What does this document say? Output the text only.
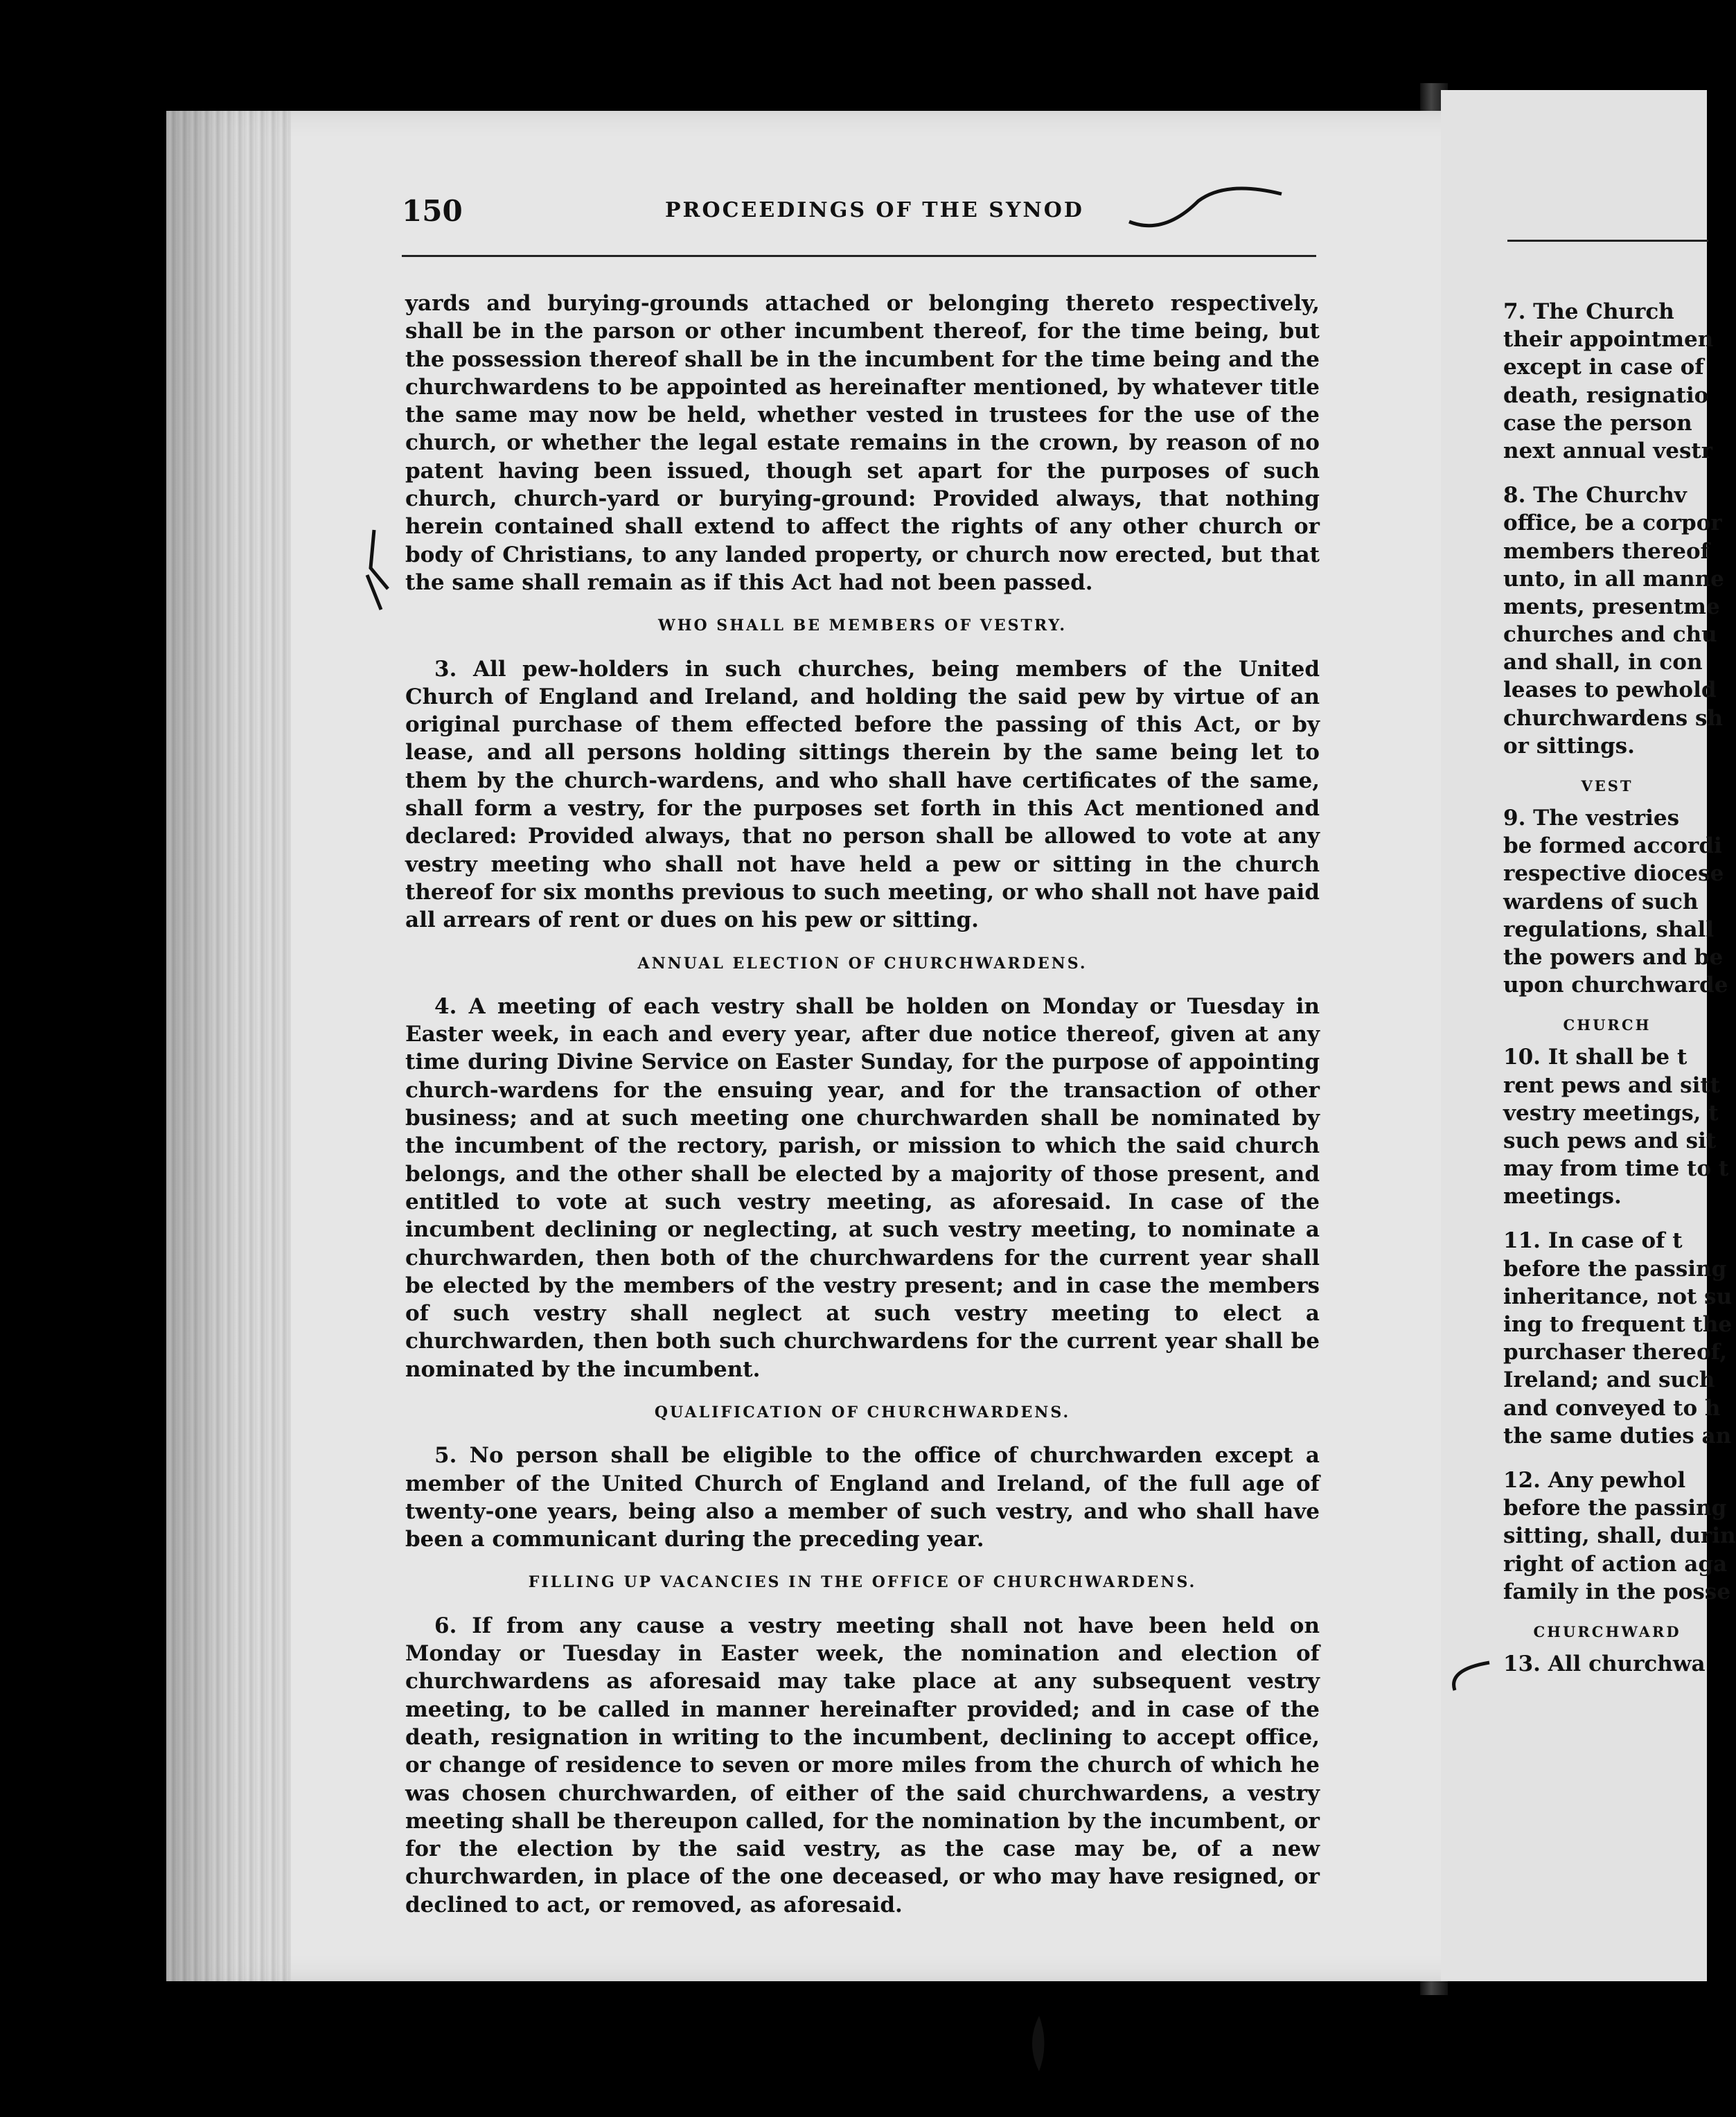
150	PROCEEDINGS OF THE SYNOD

yards and burying-grounds attached or belonging thereto respectively, shall be in the parson or other incumbent thereof, for the time being, but the possession thereof shall be in the incumbent for the time being and the churchwardens to be appointed as hereinafter mentioned, by whatever title the same may now be held, whether vested in trustees for the use of the church, or whether the legal estate remains in the crown, by reason of no patent having been issued, though set apart for the purposes of such church, church-yard or burying-ground: Provided always, that nothing herein contained shall extend to affect the rights of any other church or body of Christians, to any landed property, or church now erected, but that the same shall remain as if this Act had not been passed.

WHO SHALL BE MEMBERS OF VESTRY.

3. All pew-holders in such churches, being members of the United Church of England and Ireland, and holding the said pew by virtue of an original purchase of them effected before the passing of this Act, or by lease, and all persons holding sittings therein by the same being let to them by the church-wardens, and who shall have certificates of the same, shall form a vestry, for the purposes set forth in this Act mentioned and declared: Provided always, that no person shall be allowed to vote at any vestry meeting who shall not have held a pew or sitting in the church thereof for six months previous to such meeting, or who shall not have paid all arrears of rent or dues on his pew or sitting.

ANNUAL ELECTION OF CHURCHWARDENS.

4. A meeting of each vestry shall be holden on Monday or Tuesday in Easter week, in each and every year, after due notice thereof, given at any time during Divine Service on Easter Sunday, for the purpose of appointing church-wardens for the ensuing year, and for the transaction of other business; and at such meeting one churchwarden shall be nominated by the incumbent of the rectory, parish, or mission to which the said church belongs, and the other shall be elected by a majority of those present, and entitled to vote at such vestry meeting, as aforesaid. In case of the incumbent declining or neglecting, at such vestry meeting, to nominate a churchwarden, then both of the churchwardens for the current year shall be elected by the members of the vestry present; and in case the members of such vestry shall neglect at such vestry meeting to elect a churchwarden, then both such churchwardens for the current year shall be nominated by the incumbent.

QUALIFICATION OF CHURCHWARDENS.

5. No person shall be eligible to the office of churchwarden except a member of the United Church of England and Ireland, of the full age of twenty-one years, being also a member of such vestry, and who shall have been a communicant during the preceding year.

FILLING UP VACANCIES IN THE OFFICE OF CHURCHWARDENS.

6. If from any cause a vestry meeting shall not have been held on Monday or Tuesday in Easter week, the nomination and election of churchwardens as aforesaid may take place at any subsequent vestry meeting, to be called in manner hereinafter provided; and in case of the death, resignation in writing to the incumbent, declining to accept office, or change of residence to seven or more miles from the church of which he was chosen churchwarden, of either of the said churchwardens, a vestry meeting shall be thereupon called, for the nomination by the incumbent, or for the election by the said vestry, as the case may be, of a new churchwarden, in place of the one deceased, or who may have resigned, or declined to act, or removed, as aforesaid.

7. The Church
their appointmen
except in case of
death, resignatio
case the person
next annual vestr
8. The Churchv
office, be a corpor
members thereof
unto, in all manne
ments, presentme
churches and chu
and shall, in con
leases to pewhold
churchwardens sh
or sittings.
VEST
9. The vestries
be formed accordi
respective diocese
wardens of such
regulations, shall
the powers and be
upon churchwarde
CHURCH
10. It shall be t
rent pews and sitt
vestry meetings, t
such pews and sit
may from time to t
meetings.
11. In case of t
before the passing
inheritance, not su
ing to frequent the
purchaser thereof,
Ireland; and such
and conveyed to h
the same duties an
12. Any pewhol
before the passing
sitting, shall, durin
right of action aga
family in the posse
CHURCHWARD
13. All churchwa
